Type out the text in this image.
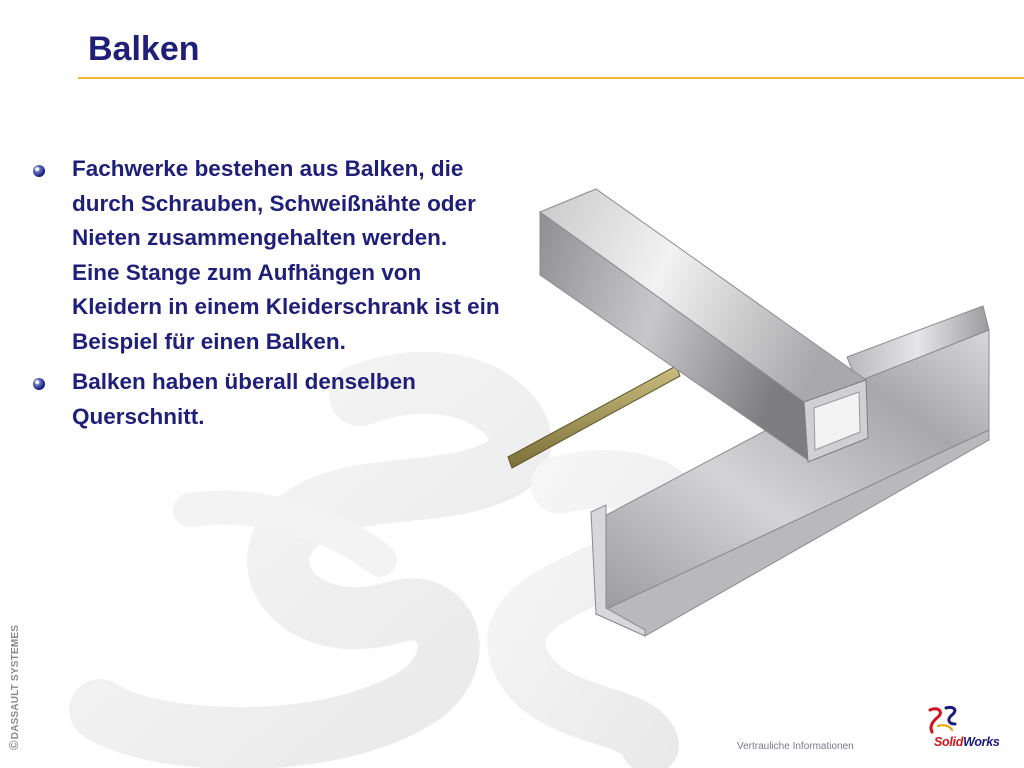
Balken
Fachwerke bestehen aus Balken, die durch Schrauben, Schweißnähte oder Nieten zusammengehalten werden. Eine Stange zum Aufhängen von Kleidern in einem Kleiderschrank ist ein Beispiel für einen Balken.
Balken haben überall denselben Querschnitt.
©DASSAULT SYSTEMES
Vertrauliche Informationen	SolidWorks
